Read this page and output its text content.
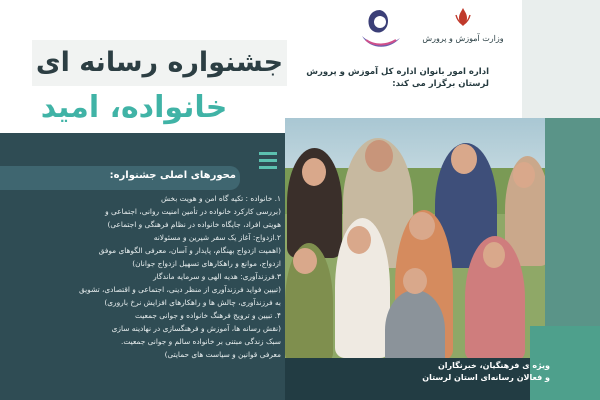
وزارت آموزش و پرورش
جشنواره رسانه ای
خانواده، امید
اداره امور بانوان اداره کل آموزش و پرورش لرستان برگزار می کند:
محورهای اصلی جشنواره:
۱. خانواده : تکیه گاه امن و هویت بخش
(بررسی کارکرد خانواده در تأمین امنیت روانی، اجتماعی و
هویتی افراد، جایگاه خانواده در نظام فرهنگی و اجتماعی)
۲.ازدواج: آغاز یک سفر شیرین و مسئولانه
(اهمیت ازدواج بهنگام، پایدار و آسان، معرفی الگوهای موفق
ازدواج، موانع و راهکارهای تسهیل ازدواج جوانان)
۳.فرزندآوری: هدیه الهی و سرمایه ماندگار
(تبیین فواید فرزندآوری از منظر دینی، اجتماعی و اقتصادی، تشویق
به فرزندآوری، چالش ها و راهکارهای افزایش نرخ باروری)
۴. تبیین و ترویج فرهنگ خانواده و جوانی جمعیت
(نقش رسانه ها، آموزش و فرهنگسازی در نهادینه سازی
سبک زندگی مبتنی بر خانواده سالم و جوانی جمعیت.
معرفی قوانین و سیاست های حمایتی)
ویژه ی فرهنگیان، خبرنگاران
و فعالان رسانه‌ای استان لرستان
